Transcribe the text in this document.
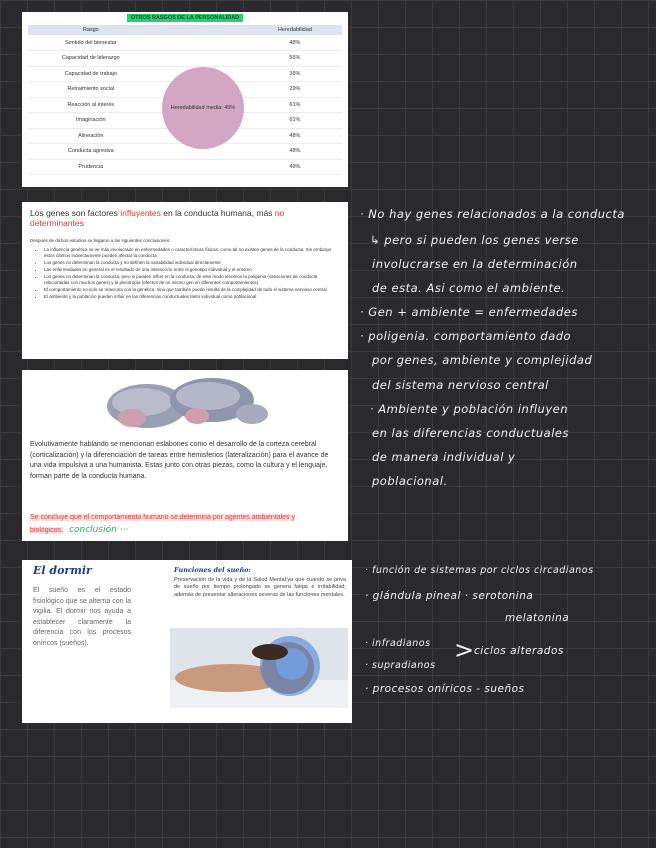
OTROS RASGOS DE LA PERSONALIDAD
Rasgo		Heredabilidad
Sentido del bienestar		48%
Capacidad de liderazgo		56%
Capacidad de trabajo		36%
Retraimiento social		29%
Reacción al interés		61%
Imaginación		61%
Alineación		48%
Conducta agresiva		48%
Prudencia		49%
Heredabilidad media: 49%
Los genes son factores influyentes en la conducta humana, más no determinantes
Después de dichos estudios se llegaron a las siguientes conclusiones:
• La influencia genética se ve más involucrado en enfermedades o características físicas, como tal no existen genes de la conducta. Sin embargo estos últimos indirectamente pueden afectar la conducta
• Los genes no determinan la conducta y no definen la variabilidad individual directamente
• Las enfermedades en general es el resultado de una interacción entre el genotipo individual y el entorno
• Los genes no determinan la conducta, pero si pueden influir en la conducta, de este modo tenemos la poligenia (variaciones de conducta relacionadas con muchos genes) y la pleiotropía (efectos de un mismo gen en diferentes comportamientos)
• El comportamiento no solo se relaciona con la genética, sino que también puede resulta de la complejidad de todo el sistema nervioso central
• El ambiente y la población pueden influir en las diferencias conductuales tanto individual como poblacional
Evolutivamente hablando se mencionan eslabones como el desarrollo de la corteza cerebral (corticalización) y la diferenciación de tareas entre hemisferios (lateralización) para el avance de una vida impulsiva a una humanista. Estas junto con otras piezas, como la cultura y el lenguaje, forman parte de la conducta humana.
Se concluye que el comportamiento humano se determina por agentes ambientales y biológicos. conclusión ···
El dormir
El sueño es el estado fisiológico que se alterna con la vigilia. El dormir nos ayuda a establecer claramente la diferencia con los procesos oníricos (sueños).
Funciones del sueño:
Preservación de la vida y de la Salud Mental:ya que cuando se priva de sueño por tiempo prolongado se genera fatiga e irritabilidad; además de presentar alteraciones severas de las funciones mentales.
· No hay genes relacionados a la conducta
↳ pero si pueden los genes verse
involucrarse en la determinación
de esta. Asi como el ambiente.
· Gen + ambiente = enfermedades
· poligenia. comportamiento dado
por genes, ambiente y complejidad
del sistema nervioso central
· Ambiente y población influyen
en las diferencias conductuales
de manera individual y
poblacional.
· función de sistemas por ciclos circadianos
· glándula pineal · serotonina
melatonina
· infradianos
· supradianos
> ciclos alterados
· procesos oníricos - sueños
